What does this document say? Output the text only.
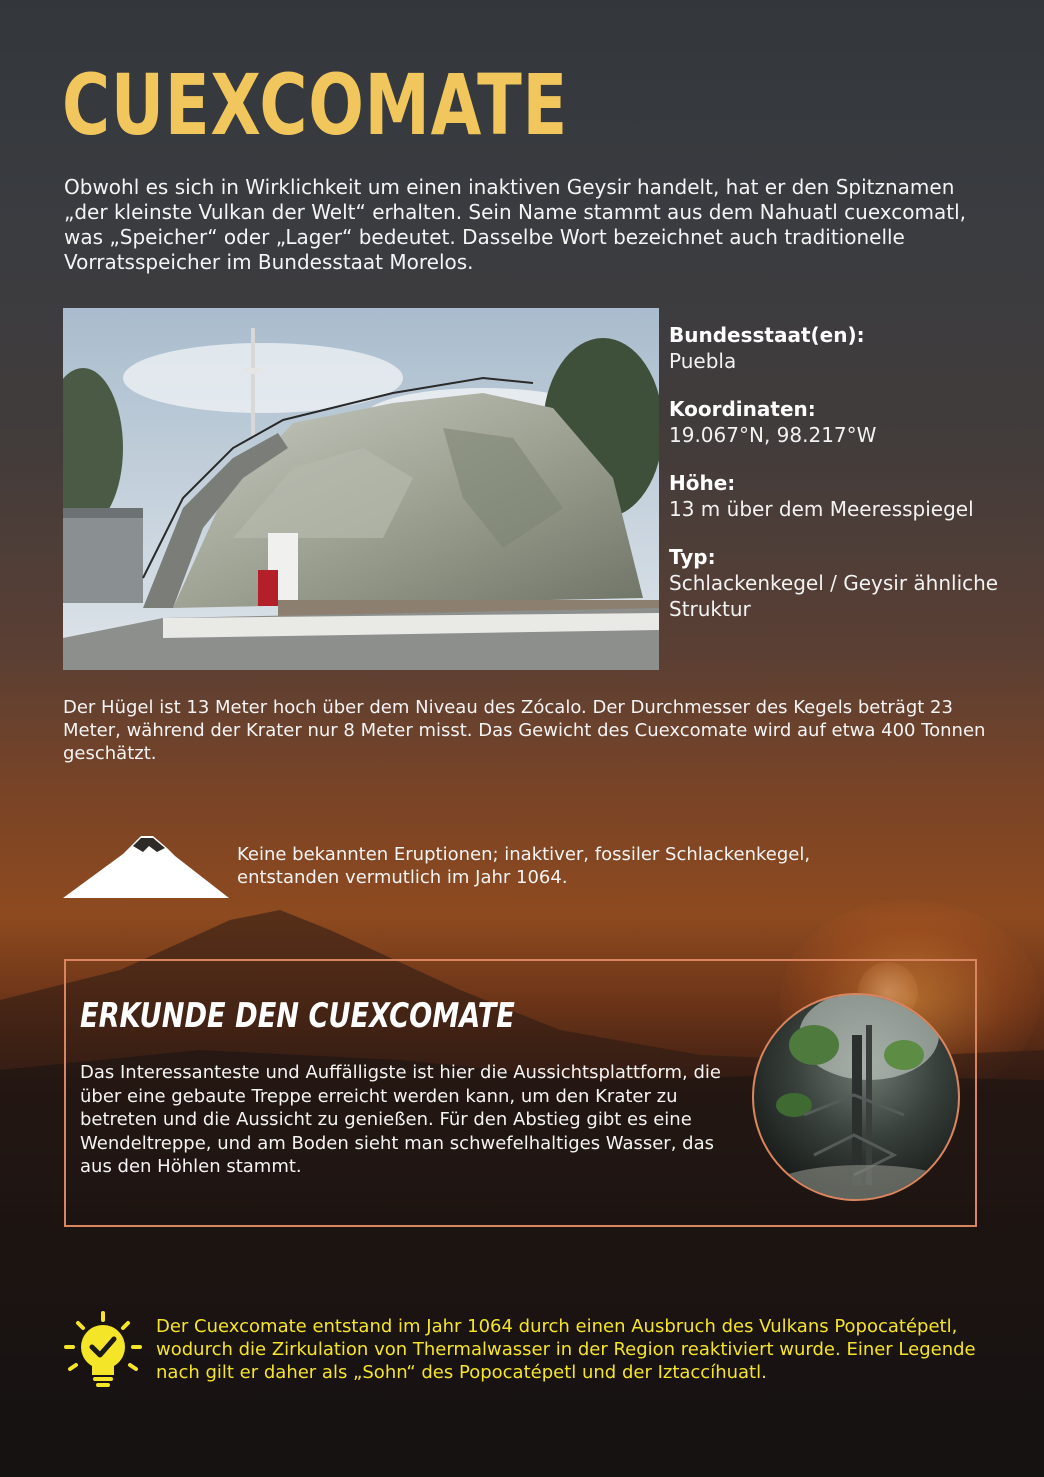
CUEXCOMATE
Obwohl es sich in Wirklichkeit um einen inaktiven Geysir handelt, hat er den Spitznamen „der kleinste Vulkan der Welt“ erhalten. Sein Name stammt aus dem Nahuatl cuexcomatl, was „Speicher“ oder „Lager“ bedeutet. Dasselbe Wort bezeichnet auch traditionelle Vorratsspeicher im Bundesstaat Morelos.
Bundesstaat(en):
Puebla
Koordinaten:
19.067°N, 98.217°W
Höhe:
13 m über dem Meeresspiegel
Typ:
Schlackenkegel / Geysir ähnliche Struktur
Der Hügel ist 13 Meter hoch über dem Niveau des Zócalo. Der Durchmesser des Kegels beträgt 23 Meter, während der Krater nur 8 Meter misst. Das Gewicht des Cuexcomate wird auf etwa 400 Tonnen geschätzt.
Keine bekannten Eruptionen; inaktiver, fossiler Schlackenkegel, entstanden vermutlich im Jahr 1064.
ERKUNDE DEN CUEXCOMATE
Das Interessanteste und Auffälligste ist hier die Aussichtsplattform, die über eine gebaute Treppe erreicht werden kann, um den Krater zu betreten und die Aussicht zu genießen. Für den Abstieg gibt es eine Wendeltreppe, und am Boden sieht man schwefelhaltiges Wasser, das aus den Höhlen stammt.
Der Cuexcomate entstand im Jahr 1064 durch einen Ausbruch des Vulkans Popocatépetl, wodurch die Zirkulation von Thermalwasser in der Region reaktiviert wurde. Einer Legende nach gilt er daher als „Sohn“ des Popocatépetl und der Iztaccíhuatl.
